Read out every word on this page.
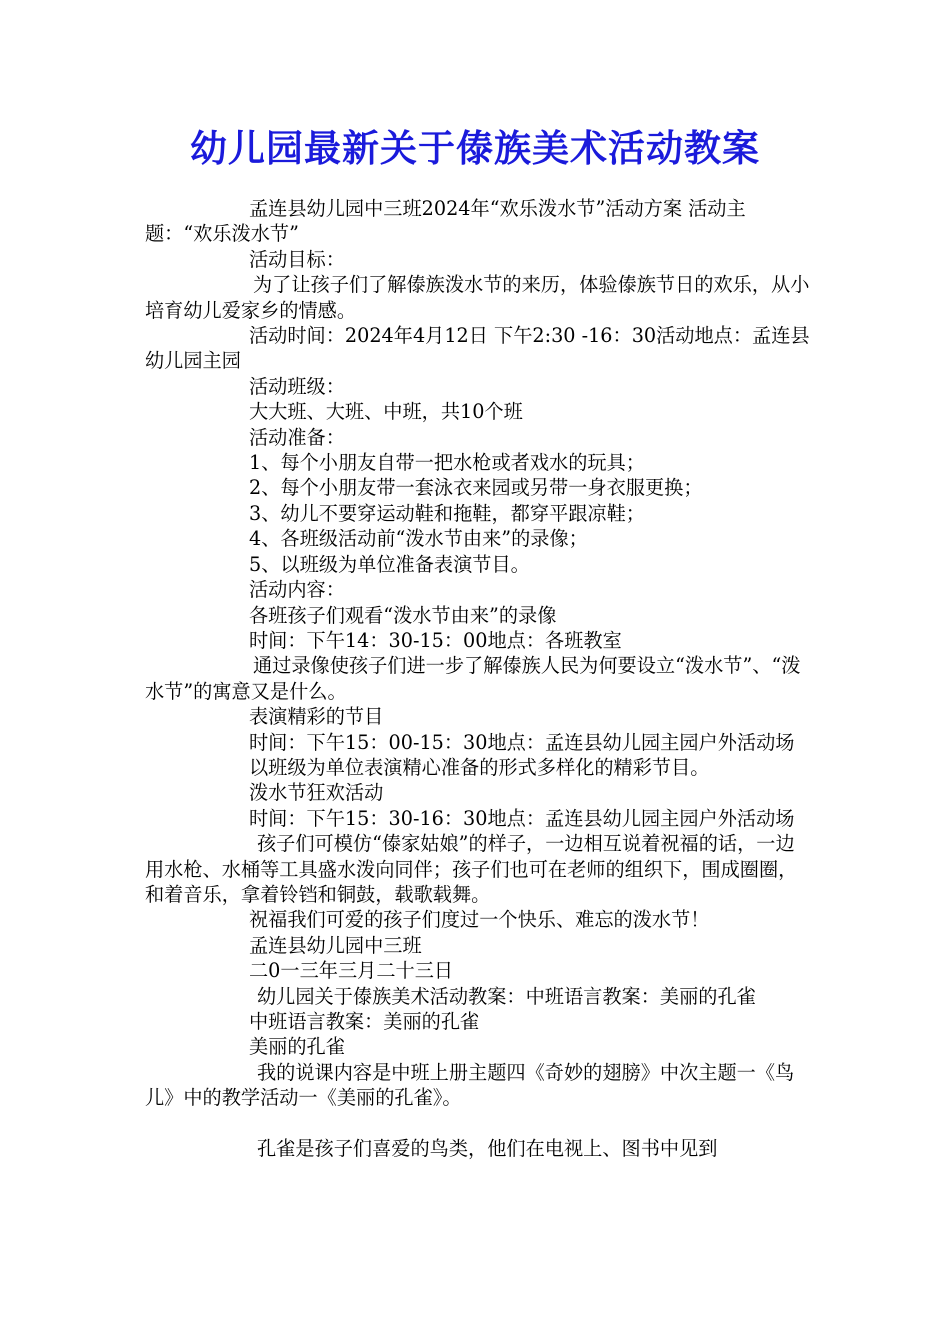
幼儿园最新关于傣族美术活动教案

孟连县幼儿园中三班2024年“欢乐泼水节”活动方案 活动主题：“欢乐泼水节”

活动目标：

为了让孩子们了解傣族泼水节的来历，体验傣族节日的欢乐，从小培育幼儿爱家乡的情感。

活动时间：2024年4月12日 下午2:30 -16：30活动地点：孟连县幼儿园主园

活动班级：

大大班、大班、中班，共10个班

活动准备：

1、每个小朋友自带一把水枪或者戏水的玩具；

2、每个小朋友带一套泳衣来园或另带一身衣服更换；

3、幼儿不要穿运动鞋和拖鞋，都穿平跟凉鞋；

4、各班级活动前“泼水节由来”的录像；

5、以班级为单位准备表演节目。

活动内容：

各班孩子们观看“泼水节由来”的录像

时间：下午14：30-15：00地点：各班教室

通过录像使孩子们进一步了解傣族人民为何要设立“泼水节”、“泼水节”的寓意又是什么。

表演精彩的节目

时间：下午15：00-15：30地点：孟连县幼儿园主园户外活动场

以班级为单位表演精心准备的形式多样化的精彩节目。

泼水节狂欢活动

时间：下午15：30-16：30地点：孟连县幼儿园主园户外活动场

孩子们可模仿“傣家姑娘”的样子，一边相互说着祝福的话，一边用水枪、水桶等工具盛水泼向同伴；孩子们也可在老师的组织下，围成圈圈，和着音乐，拿着铃铛和铜鼓，载歌载舞。

祝福我们可爱的孩子们度过一个快乐、难忘的泼水节！

孟连县幼儿园中三班

二0一三年三月二十三日

幼儿园关于傣族美术活动教案：中班语言教案：美丽的孔雀

中班语言教案：美丽的孔雀

美丽的孔雀

我的说课内容是中班上册主题四《奇妙的翅膀》中次主题一《鸟儿》中的教学活动一《美丽的孔雀》。

孔雀是孩子们喜爱的鸟类，他们在电视上、图书中见到
